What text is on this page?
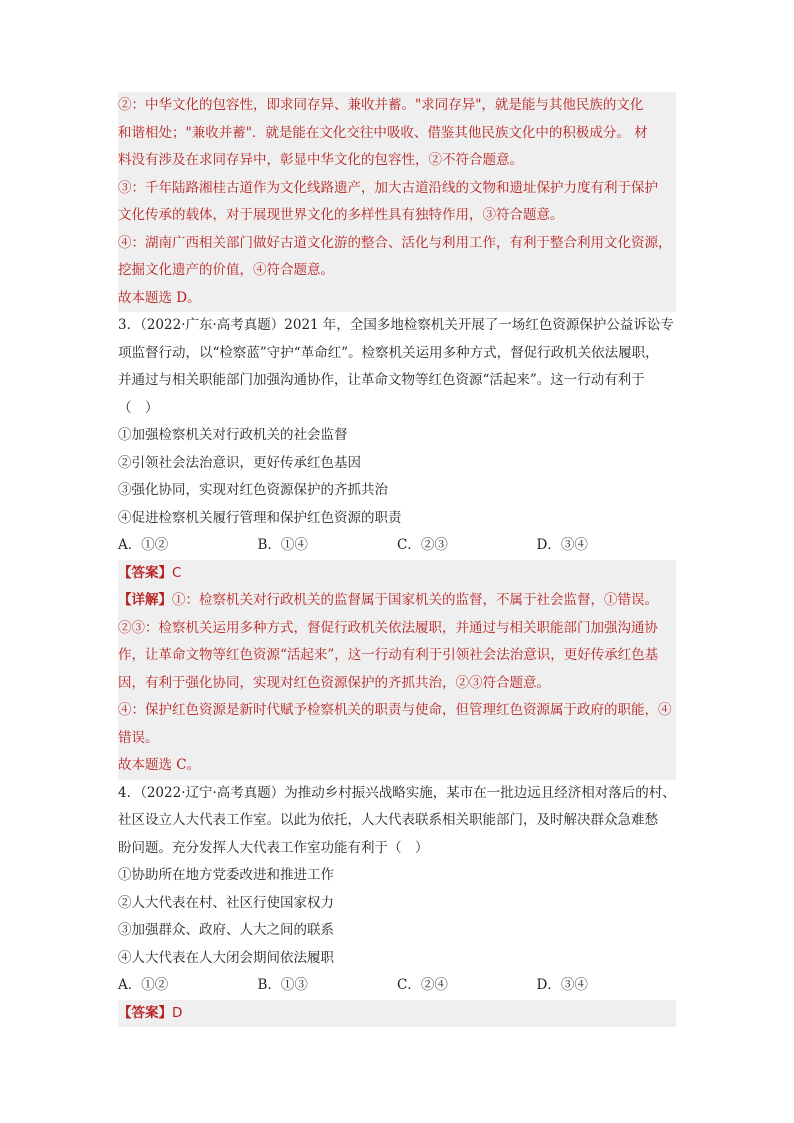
②：中华文化的包容性，即求同存异、兼收并蓄。"求同存异"，就是能与其他民族的文化
和谐相处；"兼收并蓄"．就是能在文化交往中吸收、借鉴其他民族文化中的积极成分。 材
料没有涉及在求同存异中，彰显中华文化的包容性，②不符合题意。
③：千年陆路湘桂古道作为文化线路遗产，加大古道沿线的文物和遗址保护力度有利于保护
文化传承的载体，对于展现世界文化的多样性具有独特作用，③符合题意。
④：湖南广西相关部门做好古道文化游的整合、活化与利用工作，有利于整合利用文化资源，
挖掘文化遗产的价值，④符合题意。
故本题选 D。
3．（2022·广东·高考真题）2021 年，全国多地检察机关开展了一场红色资源保护公益诉讼专
项监督行动，以“检察蓝”守护“革命红”。检察机关运用多种方式，督促行政机关依法履职，
并通过与相关职能部门加强沟通协作，让革命文物等红色资源“活起来”。这一行动有利于
（　）
①加强检察机关对行政机关的社会监督
②引领社会法治意识，更好传承红色基因
③强化协同，实现对红色资源保护的齐抓共治
④促进检察机关履行管理和保护红色资源的职责
A．①②	B．①④	C．②③	D．③④
【答案】C
【详解】①：检察机关对行政机关的监督属于国家机关的监督，不属于社会监督，①错误。
②③：检察机关运用多种方式，督促行政机关依法履职，并通过与相关职能部门加强沟通协
作，让革命文物等红色资源“活起来”，这一行动有利于引领社会法治意识，更好传承红色基
因，有利于强化协同，实现对红色资源保护的齐抓共治，②③符合题意。
④：保护红色资源是新时代赋予检察机关的职责与使命，但管理红色资源属于政府的职能，④
错误。
故本题选 C。
4．（2022·辽宁·高考真题）为推动乡村振兴战略实施，某市在一批边远且经济相对落后的村、
社区设立人大代表工作室。以此为依托，人大代表联系相关职能部门，及时解决群众急难愁
盼问题。充分发挥人大代表工作室功能有利于（　）
①协助所在地方党委改进和推进工作
②人大代表在村、社区行使国家权力
③加强群众、政府、人大之间的联系
④人大代表在人大闭会期间依法履职
A．①②	B．①③	C．②④	D．③④
【答案】D
